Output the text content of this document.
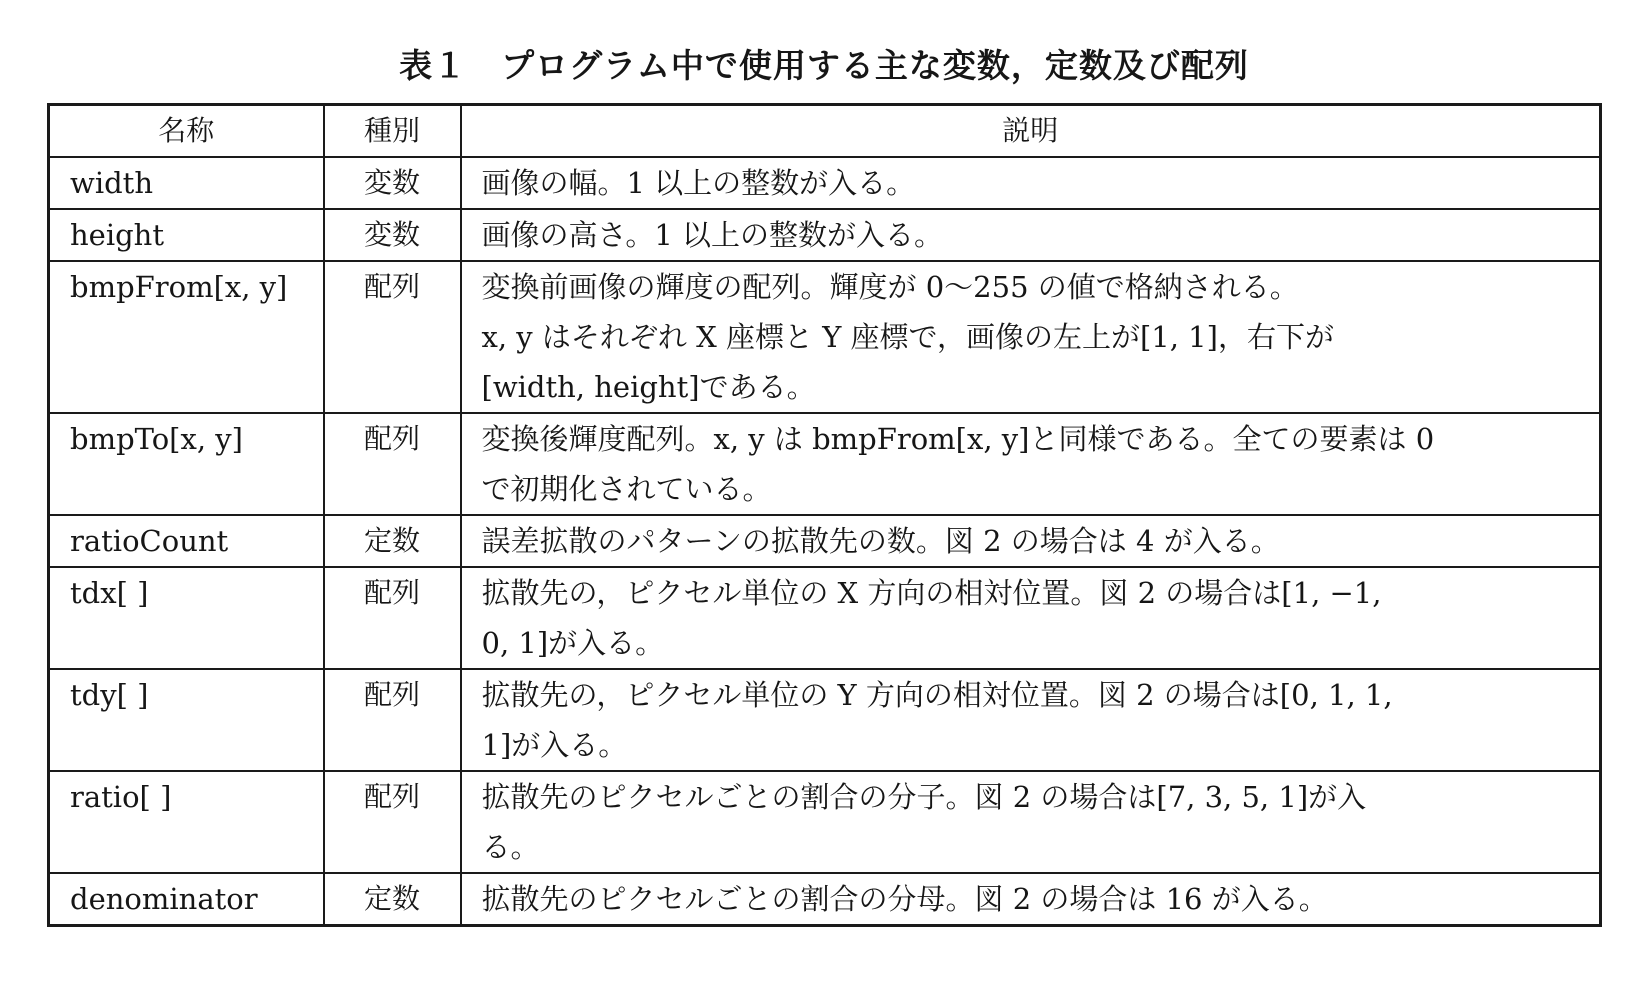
表１　プログラム中で使用する主な変数，定数及び配列
名称	種別	説明
width	変数	画像の幅。1 以上の整数が入る。

height	変数	画像の高さ。1 以上の整数が入る。

bmpFrom[x, y]	配列	変換前画像の輝度の配列。輝度が 0～255 の値で格納される。
x, y はそれぞれ X 座標と Y 座標で，画像の左上が[1, 1]，右下が
[width, height]である。

bmpTo[x, y]	配列	変換後輝度配列。x, y は bmpFrom[x, y]と同様である。全ての要素は 0
で初期化されている。

ratioCount	定数	誤差拡散のパターンの拡散先の数。図 2 の場合は 4 が入る。

tdx[ ]	配列	拡散先の，ピクセル単位の X 方向の相対位置。図 2 の場合は[1, −1,
0, 1]が入る。

tdy[ ]	配列	拡散先の，ピクセル単位の Y 方向の相対位置。図 2 の場合は[0, 1, 1,
1]が入る。

ratio[ ]	配列	拡散先のピクセルごとの割合の分子。図 2 の場合は[7, 3, 5, 1]が入
る。

denominator	定数	拡散先のピクセルごとの割合の分母。図 2 の場合は 16 が入る。
